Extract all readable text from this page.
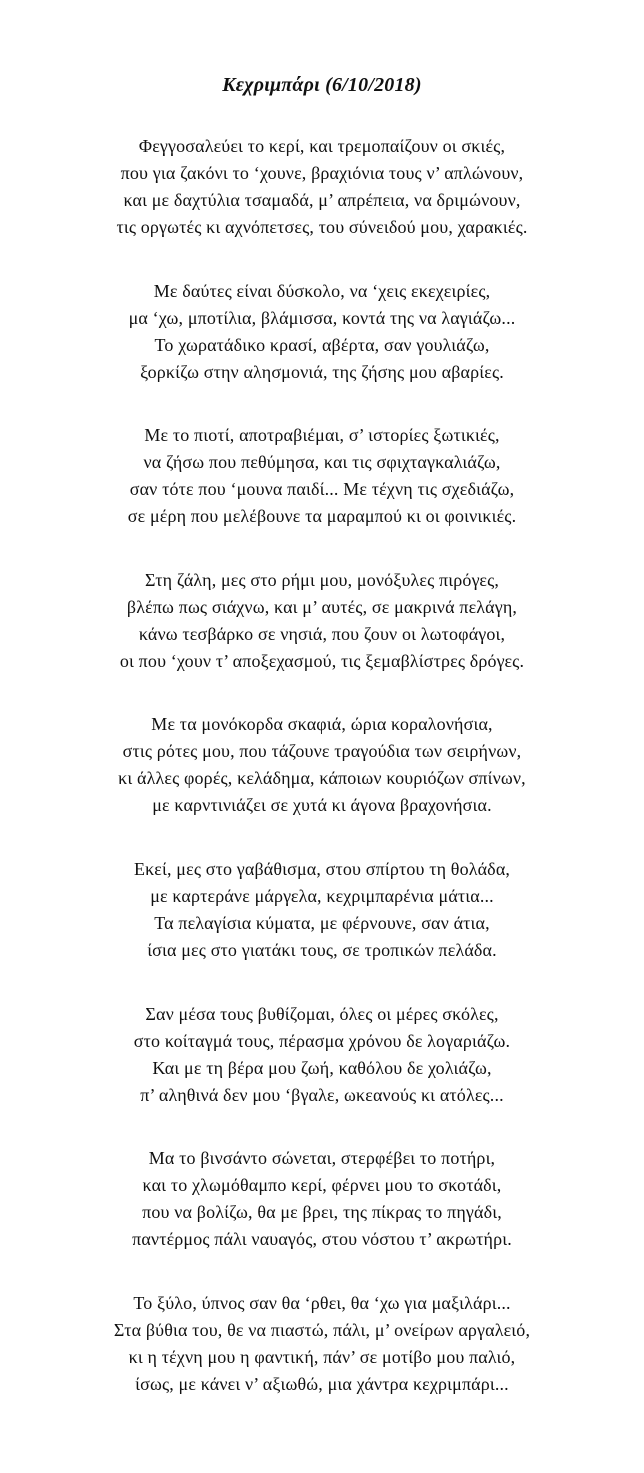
Κεχριμπάρι (6/10/2018)
Φεγγοσαλεύει το κερί, και τρεμοπαίζουν οι σκιές,
που για ζακόνι το ‘χουνε, βραχιόνια τους ν’ απλώνουν,
και με δαχτύλια τσαμαδά, μ’ απρέπεια, να δριμώνουν,
τις οργωτές κι αχνόπετσες, του σύνειδού μου, χαρακιές.
Με δαύτες είναι δύσκολο, να ‘χεις εκεχειρίες,
μα ‘χω, μποτίλια, βλάμισσα, κοντά της να λαγιάζω...
Το χωρατάδικο κρασί, αβέρτα, σαν γουλιάζω,
ξορκίζω στην αλησμονιά, της ζήσης μου αβαρίες.
Με το πιοτί, αποτραβιέμαι, σ’ ιστορίες ξωτικιές,
να ζήσω που πεθύμησα, και τις σφιχταγκαλιάζω,
σαν τότε που ‘μουνα παιδί... Με τέχνη τις σχεδιάζω,
σε μέρη που μελέβουνε τα μαραμπού κι οι φοινικιές.
Στη ζάλη, μες στο ρήμι μου, μονόξυλες πιρόγες,
βλέπω πως σιάχνω, και μ’ αυτές, σε μακρινά πελάγη,
κάνω τεσβάρκο σε νησιά, που ζουν οι λωτοφάγοι,
οι που ‘χουν τ’ αποξεχασμού, τις ξεμαβλίστρες δρόγες.
Με τα μονόκορδα σκαφιά, ώρια κοραλονήσια,
στις ρότες μου, που τάζουνε τραγούδια των σειρήνων,
κι άλλες φορές, κελάδημα, κάποιων κουριόζων σπίνων,
με καρντινιάζει σε χυτά κι άγονα βραχονήσια.
Εκεί, μες στο γαβάθισμα, στου σπίρτου τη θολάδα,
με καρτεράνε μάργελα, κεχριμπαρένια μάτια...
Τα πελαγίσια κύματα, με φέρνουνε, σαν άτια,
ίσια μες στο γιατάκι τους, σε τροπικών πελάδα.
Σαν μέσα τους βυθίζομαι, όλες οι μέρες σκόλες,
στο κοίταγμά τους, πέρασμα χρόνου δε λογαριάζω.
Και με τη βέρα μου ζωή, καθόλου δε χολιάζω,
π’ αληθινά δεν μου ‘βγαλε, ωκεανούς κι ατόλες...
Μα το βινσάντο σώνεται, στερφέβει το ποτήρι,
και το χλωμόθαμπο κερί, φέρνει μου το σκοτάδι,
που να βολίζω, θα με βρει, της πίκρας το πηγάδι,
παντέρμος πάλι ναυαγός, στου νόστου τ’ ακρωτήρι.
Το ξύλο, ύπνος σαν θα ‘ρθει, θα ‘χω για μαξιλάρι...
Στα βύθια του, θε να πιαστώ, πάλι, μ’ ονείρων αργαλειό,
κι η τέχνη μου η φαντική, πάν’ σε μοτίβο μου παλιό,
ίσως, με κάνει ν’ αξιωθώ, μια χάντρα κεχριμπάρι...
